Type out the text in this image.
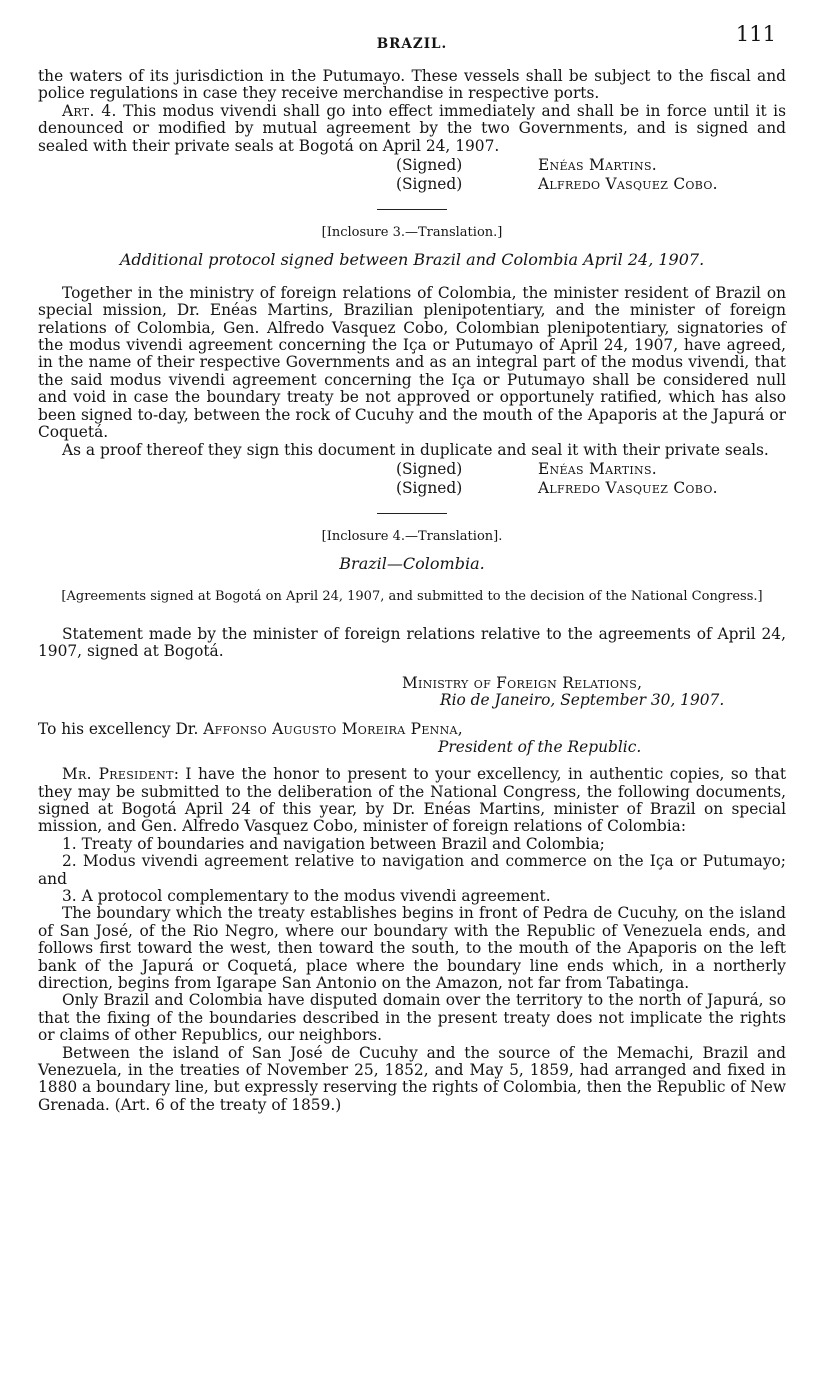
BRAZIL.	111

the waters of its jurisdiction in the Putumayo. These vessels shall be subject to the fiscal and police regulations in case they receive merchandise in respective ports.

Art. 4. This modus vivendi shall go into effect immediately and shall be in force until it is denounced or modified by mutual agreement by the two Governments, and is signed and sealed with their private seals at Bogotá on April 24, 1907.

(Signed)	Enéas Martins.
(Signed)	Alfredo Vasquez Cobo.
[Inclosure 3.—Translation.]
Additional protocol signed between Brazil and Colombia April 24, 1907.

Together in the ministry of foreign relations of Colombia, the minister resident of Brazil on special mission, Dr. Enéas Martins, Brazilian plenipotentiary, and the minister of foreign relations of Colombia, Gen. Alfredo Vasquez Cobo, Colombian plenipotentiary, signatories of the modus vivendi agreement concerning the Iça or Putumayo of April 24, 1907, have agreed, in the name of their respective Governments and as an integral part of the modus vivendi, that the said modus vivendi agreement concerning the Iça or Putumayo shall be considered null and void in case the boundary treaty be not approved or opportunely ratified, which has also been signed to-day, between the rock of Cucuhy and the mouth of the Apaporis at the Japurá or Coquetá.

As a proof thereof they sign this document in duplicate and seal it with their private seals.

(Signed)	Enéas Martins.
(Signed)	Alfredo Vasquez Cobo.
[Inclosure 4.—Translation].
Brazil—Colombia.
[Agreements signed at Bogotá on April 24, 1907, and submitted to the decision of the National Congress.]

Statement made by the minister of foreign relations relative to the agreements of April 24, 1907, signed at Bogotá.

Ministry of Foreign Relations,
Rio de Janeiro, September 30, 1907.
To his excellency Dr. Affonso Augusto Moreira Penna,
President of the Republic.

Mr. President: I have the honor to present to your excellency, in authentic copies, so that they may be submitted to the deliberation of the National Congress, the following documents, signed at Bogotá April 24 of this year, by Dr. Enéas Martins, minister of Brazil on special mission, and Gen. Alfredo Vasquez Cobo, minister of foreign relations of Colombia:

1. Treaty of boundaries and navigation between Brazil and Colombia;

2. Modus vivendi agreement relative to navigation and commerce on the Iça or Putumayo; and

3. A protocol complementary to the modus vivendi agreement.

The boundary which the treaty establishes begins in front of Pedra de Cucuhy, on the island of San José, of the Rio Negro, where our boundary with the Republic of Venezuela ends, and follows first toward the west, then toward the south, to the mouth of the Apaporis on the left bank of the Japurá or Coquetá, place where the boundary line ends which, in a northerly direction, begins from Igarape San Antonio on the Amazon, not far from Tabatinga.

Only Brazil and Colombia have disputed domain over the territory to the north of Japurá, so that the fixing of the boundaries described in the present treaty does not implicate the rights or claims of other Republics, our neighbors.

Between the island of San José de Cucuhy and the source of the Memachi, Brazil and Venezuela, in the treaties of November 25, 1852, and May 5, 1859, had arranged and fixed in 1880 a boundary line, but expressly reserving the rights of Colombia, then the Republic of New Grenada. (Art. 6 of the treaty of 1859.)
